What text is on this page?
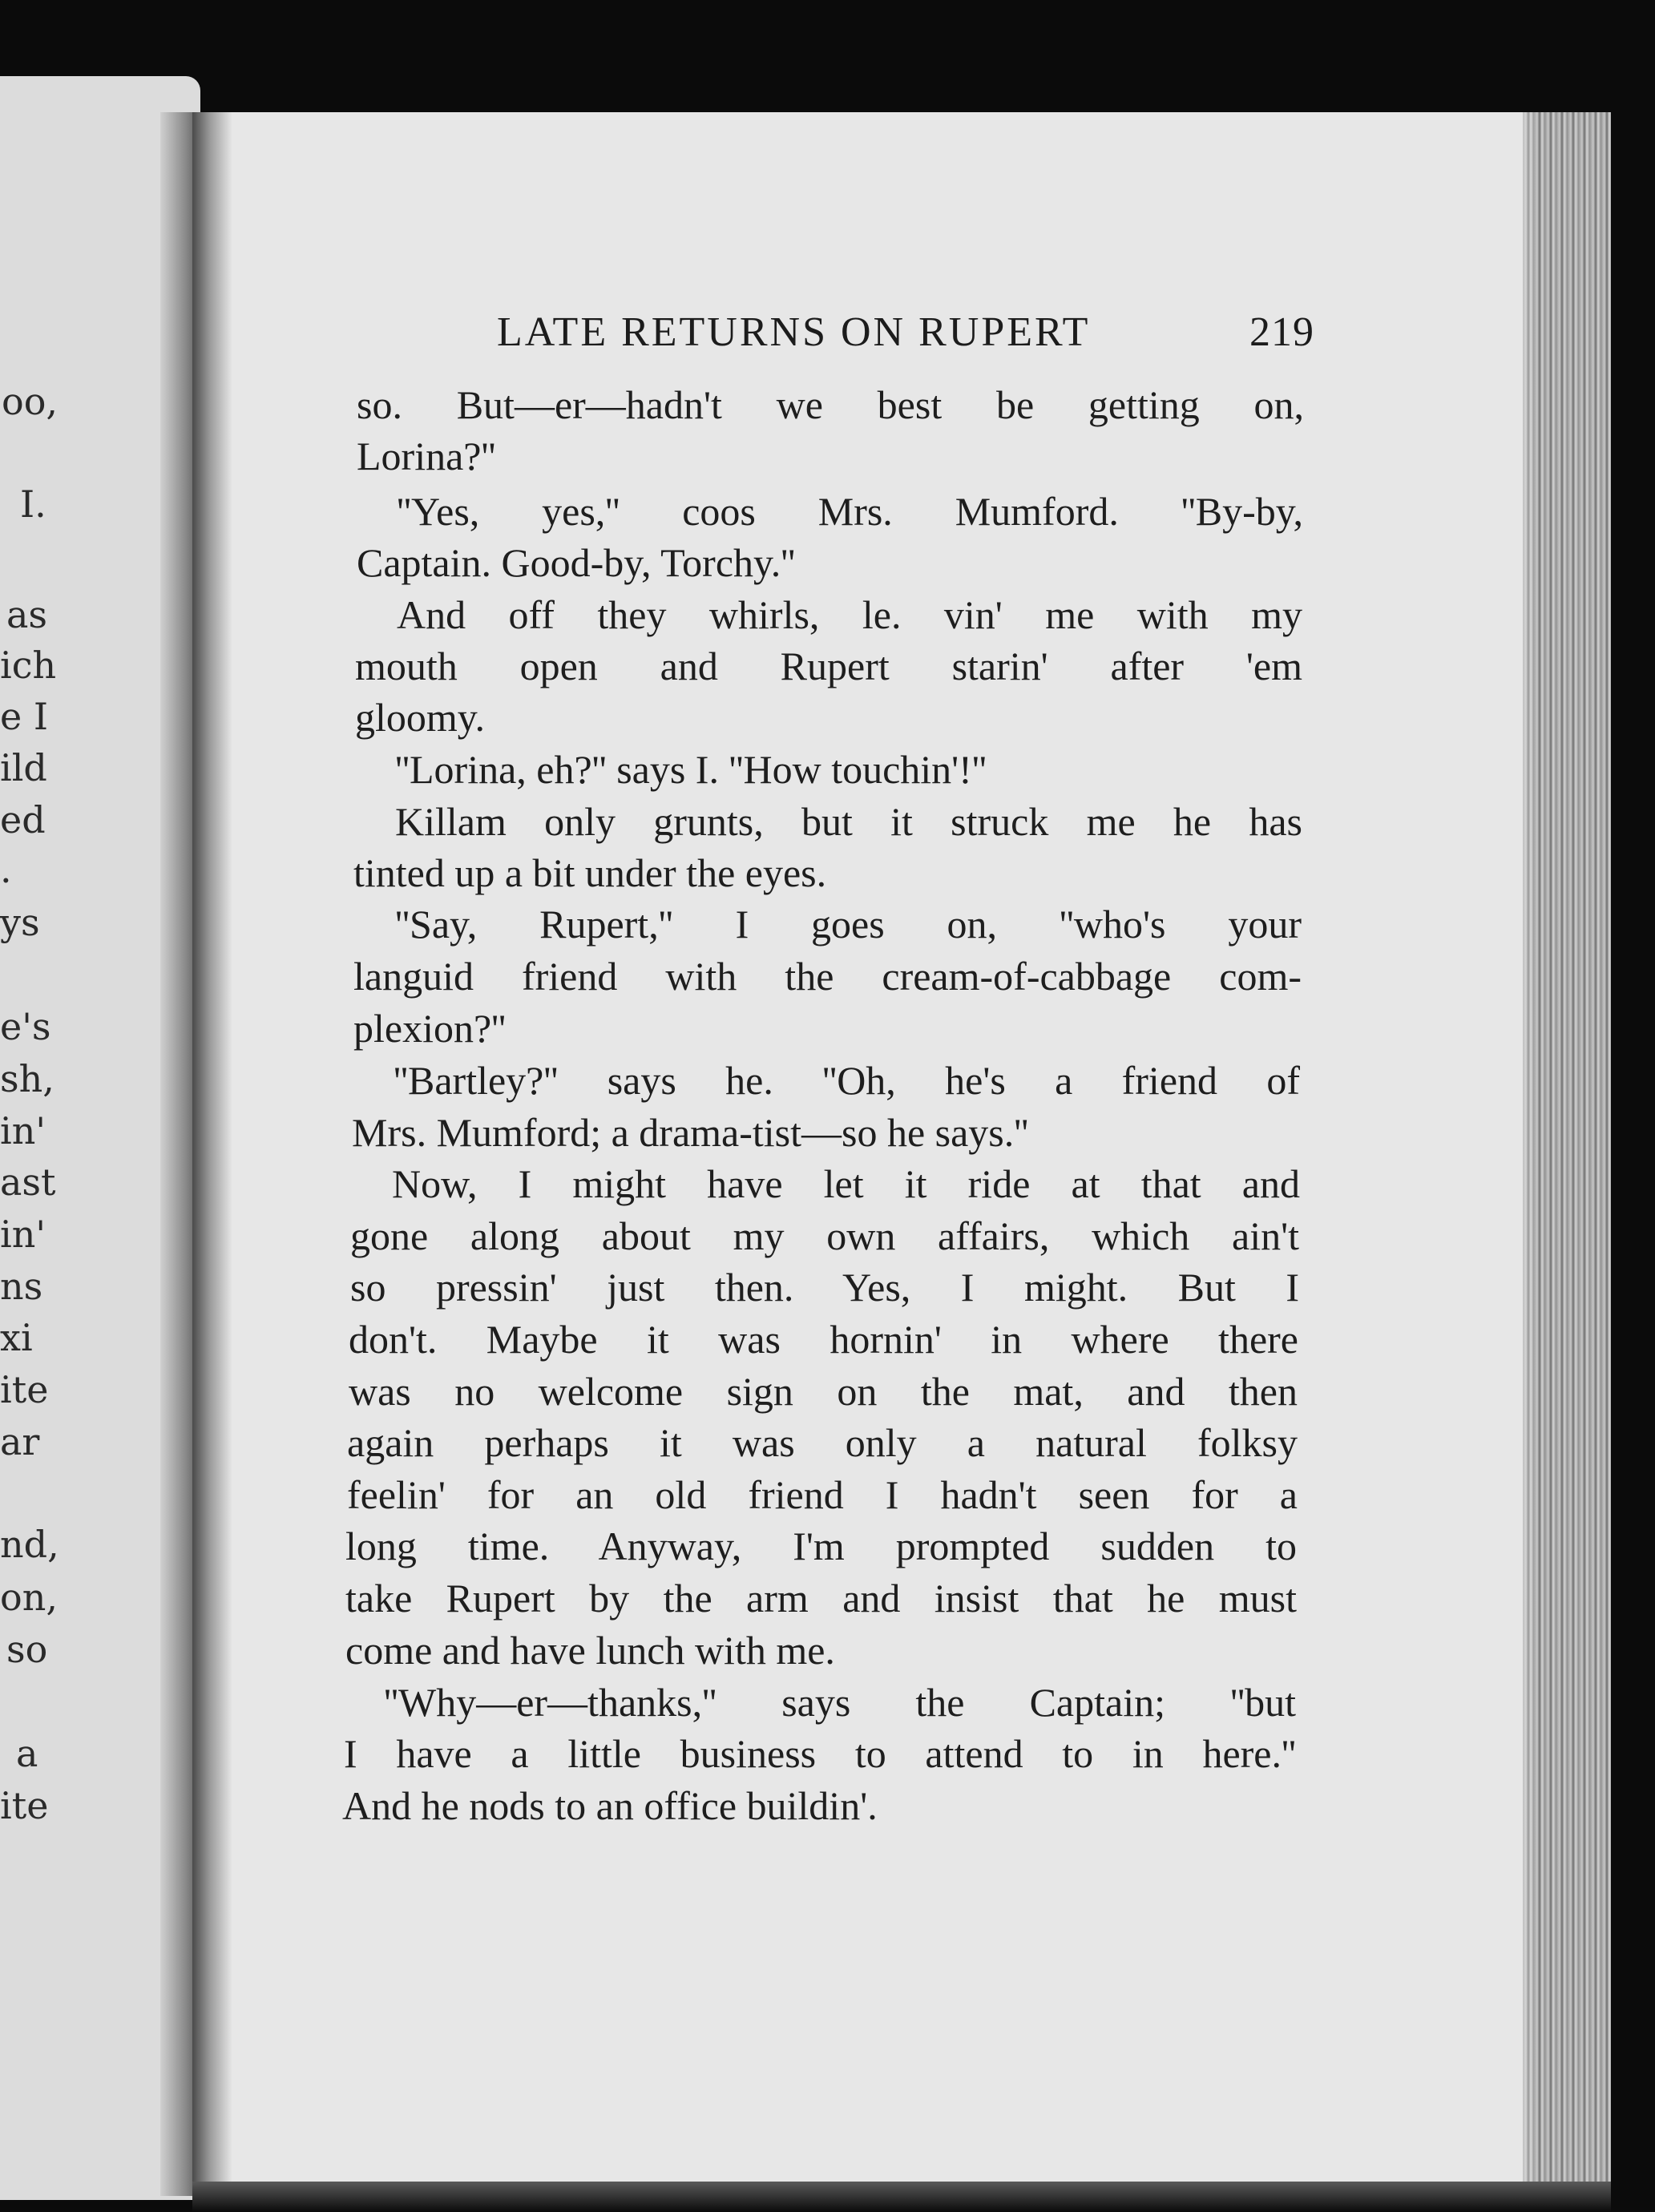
oo,
I.
as
ich
e I
ild
ed
.
ys
e's
sh,
in'
ast
in'
ns
xi
ite
ar
nd,
on,
so
a
ite
LATE RETURNS ON RUPERT	219
so. But—er—hadn't we best be getting on,
Lorina?''
''Yes, yes,'' coos Mrs. Mumford. ''By-by,
Captain. Good-by, Torchy.''
And off they whirls, le. vin' me with my
mouth open and Rupert starin' after 'em
gloomy.
''Lorina, eh?'' says I. ''How touchin'!''
Killam only grunts, but it struck me he has
tinted up a bit under the eyes.
''Say, Rupert,'' I goes on, ''who's your
languid friend with the cream-of-cabbage com-
plexion?''
''Bartley?'' says he. ''Oh, he's a friend of
Mrs. Mumford; a drama-tist—so he says.''
Now, I might have let it ride at that and
gone along about my own affairs, which ain't
so pressin' just then. Yes, I might. But I
don't. Maybe it was hornin' in where there
was no welcome sign on the mat, and then
again perhaps it was only a natural folksy
feelin' for an old friend I hadn't seen for a
long time. Anyway, I'm prompted sudden to
take Rupert by the arm and insist that he must
come and have lunch with me.
''Why—er—thanks,'' says the Captain; ''but
I have a little business to attend to in here.''
And he nods to an office buildin'.
